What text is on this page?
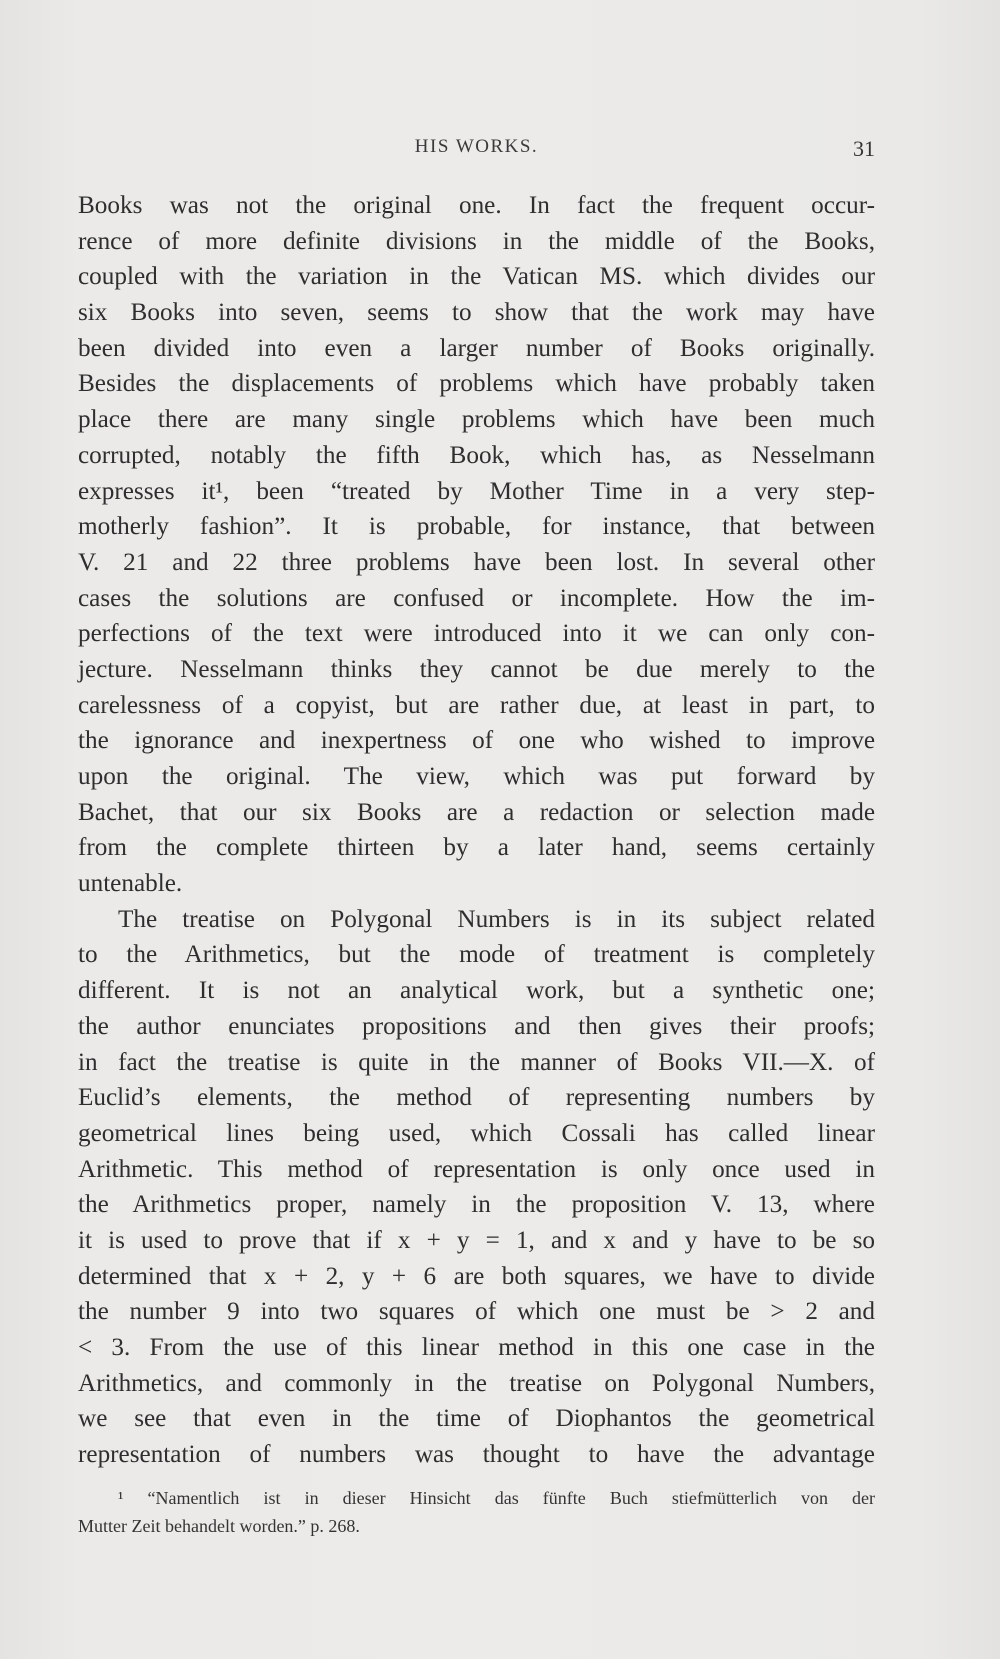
HIS WORKS.	31
Books was not the original one. In fact the frequent occur-
rence of more definite divisions in the middle of the Books,
coupled with the variation in the Vatican MS. which divides our
six Books into seven, seems to show that the work may have
been divided into even a larger number of Books originally.
Besides the displacements of problems which have probably taken
place there are many single problems which have been much
corrupted, notably the fifth Book, which has, as Nesselmann
expresses it¹, been “treated by Mother Time in a very step-
motherly fashion”. It is probable, for instance, that between
V. 21 and 22 three problems have been lost. In several other
cases the solutions are confused or incomplete. How the im-
perfections of the text were introduced into it we can only con-
jecture. Nesselmann thinks they cannot be due merely to the
carelessness of a copyist, but are rather due, at least in part, to
the ignorance and inexpertness of one who wished to improve
upon the original. The view, which was put forward by
Bachet, that our six Books are a redaction or selection made
from the complete thirteen by a later hand, seems certainly
untenable.
The treatise on Polygonal Numbers is in its subject related
to the Arithmetics, but the mode of treatment is completely
different. It is not an analytical work, but a synthetic one;
the author enunciates propositions and then gives their proofs;
in fact the treatise is quite in the manner of Books VII.—X. of
Euclid’s elements, the method of representing numbers by
geometrical lines being used, which Cossali has called linear
Arithmetic. This method of representation is only once used in
the Arithmetics proper, namely in the proposition V. 13, where
it is used to prove that if x + y = 1, and x and y have to be so
determined that x + 2, y + 6 are both squares, we have to divide
the number 9 into two squares of which one must be > 2 and
< 3. From the use of this linear method in this one case in the
Arithmetics, and commonly in the treatise on Polygonal Numbers,
we see that even in the time of Diophantos the geometrical
representation of numbers was thought to have the advantage
¹ “Namentlich ist in dieser Hinsicht das fünfte Buch stiefmütterlich von der
Mutter Zeit behandelt worden.” p. 268.
